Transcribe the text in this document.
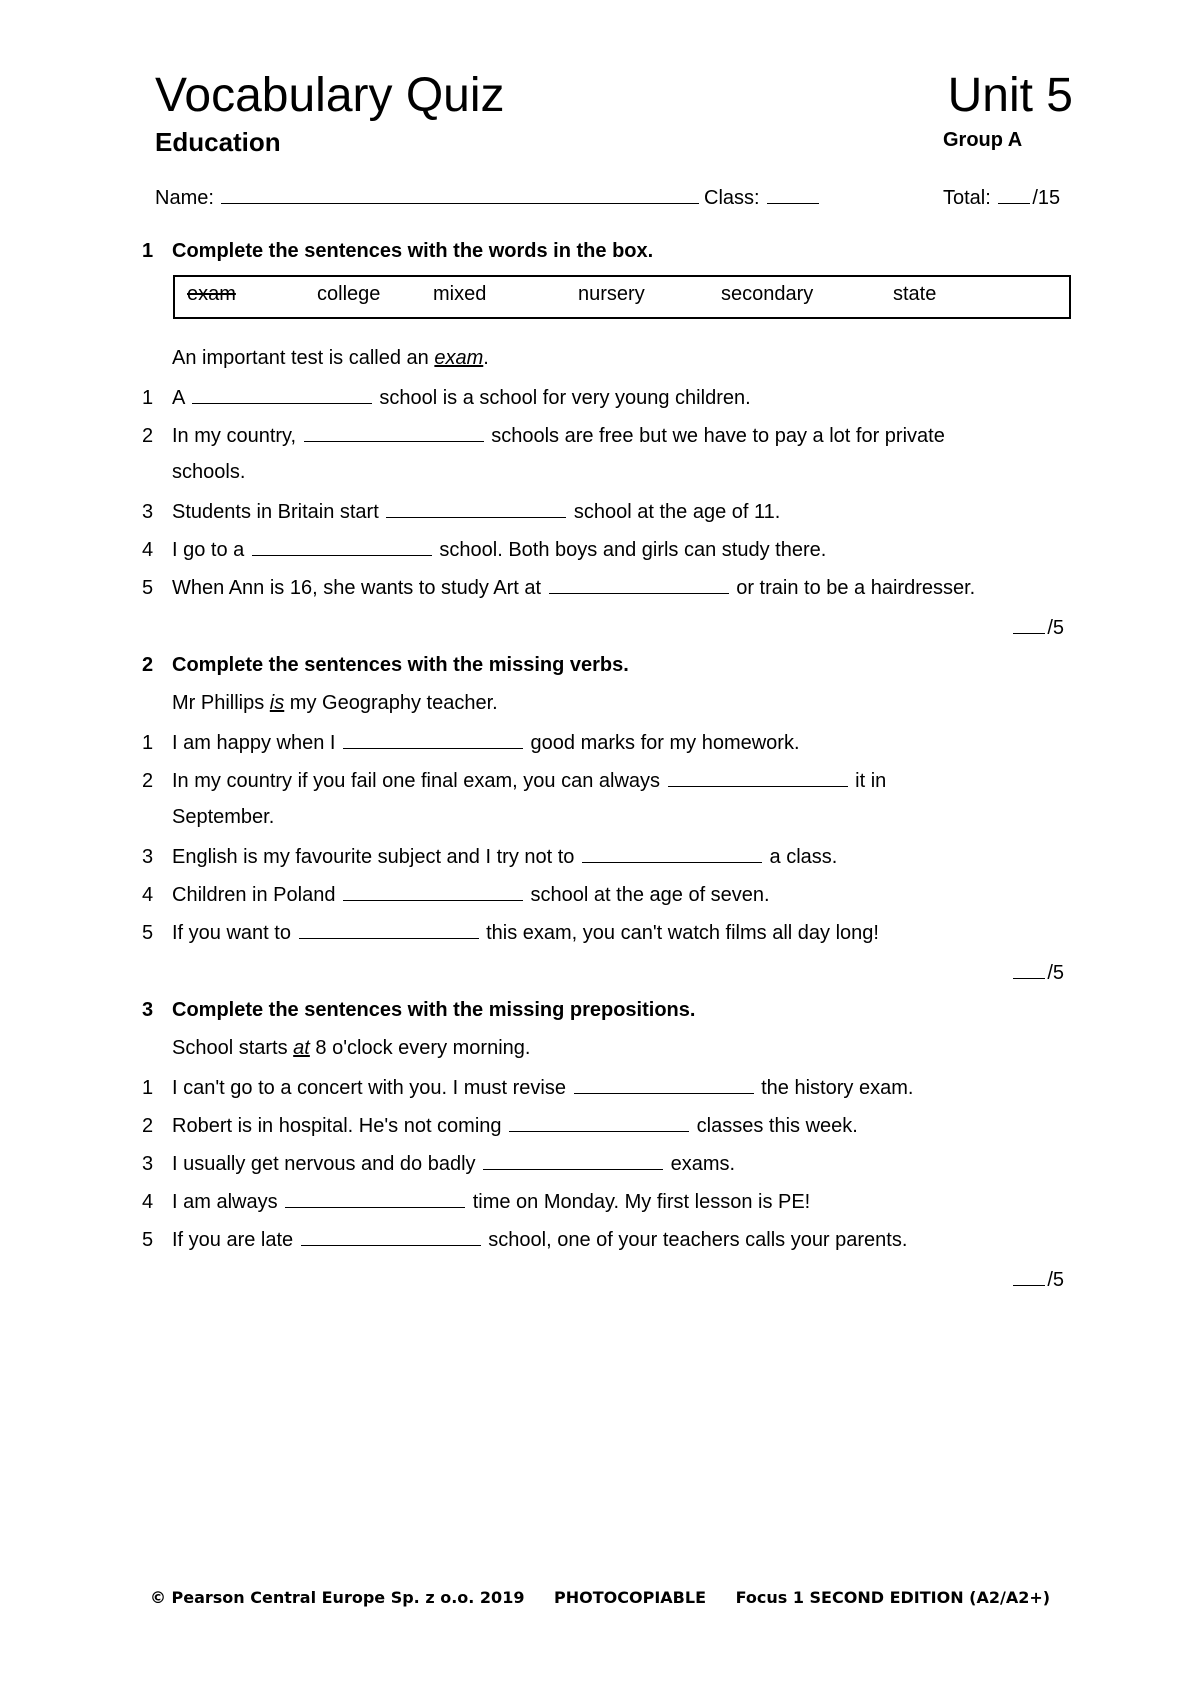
Vocabulary Quiz	Unit 5
Education	Group A
Name:	Class:	Total: /15
1 Complete the sentences with the words in the box.
exam	college	mixed	nursery	secondary	state
An important test is called an exam.
1 A	school is a school for very young children.
2 In my country,	schools are free but we have to pay a lot for private
schools.
3 Students in Britain start	school at the age of 11.
4 I go to a	school. Both boys and girls can study there.
5 When Ann is 16, she wants to study Art at	or train to be a hairdresser.
/5
2 Complete the sentences with the missing verbs.
Mr Phillips is my Geography teacher.
1 I am happy when I	good marks for my homework.
2 In my country if you fail one final exam, you can always	it in
September.
3 English is my favourite subject and I try not to	a class.
4 Children in Poland	school at the age of seven.
5 If you want to	this exam, you can't watch films all day long!
/5
3 Complete the sentences with the missing prepositions.
School starts at 8 o'clock every morning.
1 I can't go to a concert with you. I must revise	the history exam.
2 Robert is in hospital. He's not coming	classes this week.
3 I usually get nervous and do badly	exams.
4 I am always	time on Monday. My first lesson is PE!
5 If you are late	school, one of your teachers calls your parents.
/5
© Pearson Central Europe Sp. z o.o. 2019 PHOTOCOPIABLE Focus 1 SECOND EDITION (A2/A2+)
